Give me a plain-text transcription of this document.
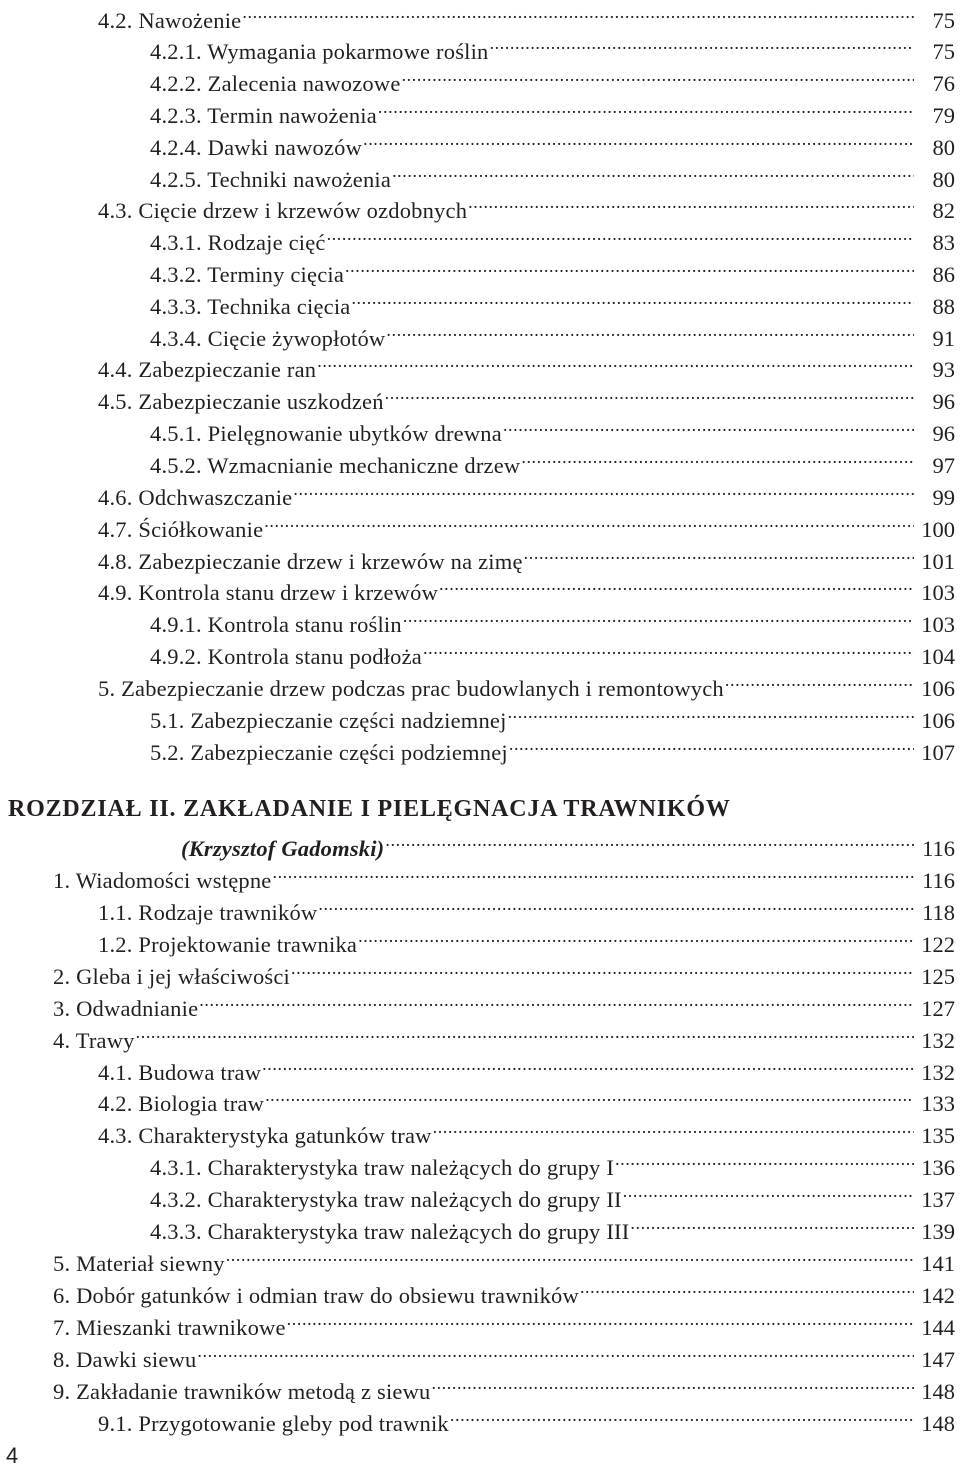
4.2. Nawożenie .....	75
4.2.1. Wymagania pokarmowe roślin .....	75
4.2.2. Zalecenia nawozowe .....	76
4.2.3. Termin nawożenia .....	79
4.2.4. Dawki nawozów .....	80
4.2.5. Techniki nawożenia .....	80
4.3. Cięcie drzew i krzewów ozdobnych .....	82
4.3.1. Rodzaje cięć .....	83
4.3.2. Terminy cięcia .....	86
4.3.3. Technika cięcia .....	88
4.3.4. Cięcie żywopłotów .....	91
4.4. Zabezpieczanie ran .....	93
4.5. Zabezpieczanie uszkodzeń .....	96
4.5.1. Pielęgnowanie ubytków drewna .....	96
4.5.2. Wzmacnianie mechaniczne drzew .....	97
4.6. Odchwaszczanie .....	99
4.7. Ściółkowanie .....	100
4.8. Zabezpieczanie drzew i krzewów na zimę .....	101
4.9. Kontrola stanu drzew i krzewów .....	103
4.9.1. Kontrola stanu roślin .....	103
4.9.2. Kontrola stanu podłoża .....	104
5. Zabezpieczanie drzew podczas prac budowlanych i remontowych .....	106
5.1. Zabezpieczanie części nadziemnej .....	106
5.2. Zabezpieczanie części podziemnej .....	107
ROZDZIAŁ II. ZAKŁADANIE I PIELĘGNACJA TRAWNIKÓW
(Krzysztof Gadomski) .....	116
1. Wiadomości wstępne .....	116
1.1. Rodzaje trawników .....	118
1.2. Projektowanie trawnika .....	122
2. Gleba i jej właściwości .....	125
3. Odwadnianie .....	127
4. Trawy .....	132
4.1. Budowa traw .....	132
4.2. Biologia traw .....	133
4.3. Charakterystyka gatunków traw .....	135
4.3.1. Charakterystyka traw należących do grupy I .....	136
4.3.2. Charakterystyka traw należących do grupy II .....	137
4.3.3. Charakterystyka traw należących do grupy III .....	139
5. Materiał siewny .....	141
6. Dobór gatunków i odmian traw do obsiewu trawników .....	142
7. Mieszanki trawnikowe .....	144
8. Dawki siewu .....	147
9. Zakładanie trawników metodą z siewu .....	148
9.1. Przygotowanie gleby pod trawnik .....	148
4
